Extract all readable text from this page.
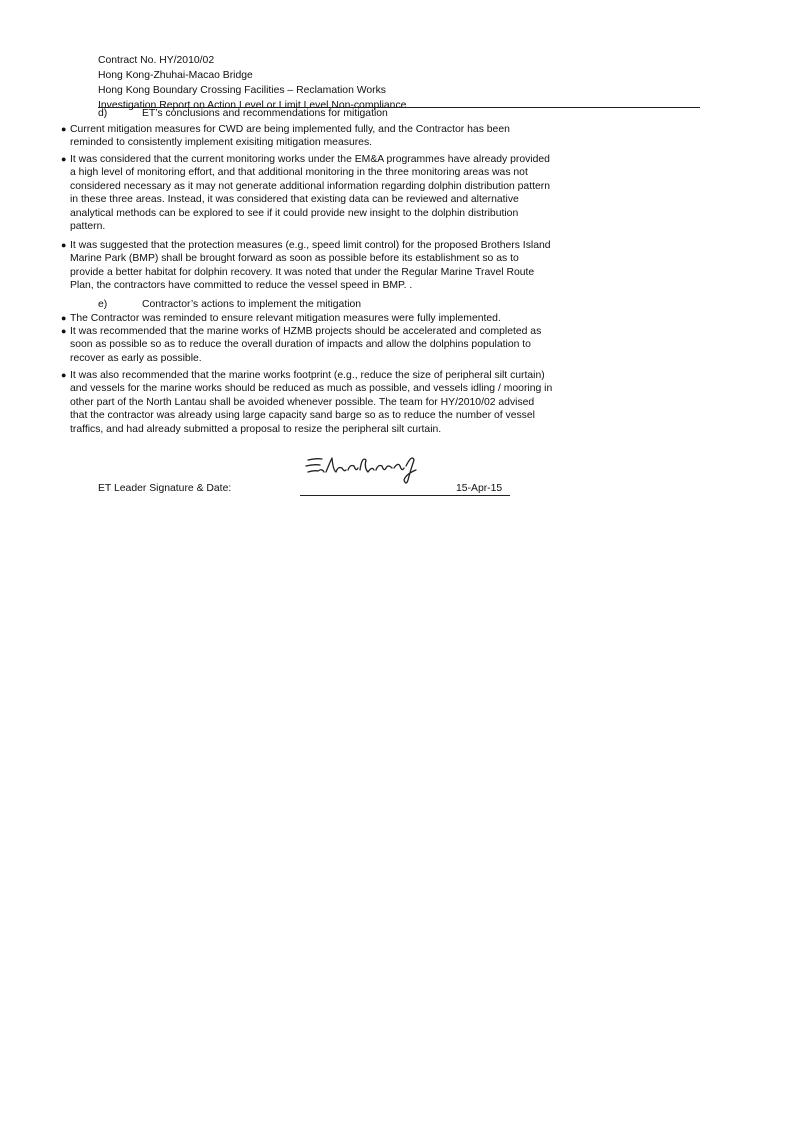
Contract No. HY/2010/02
Hong Kong-Zhuhai-Macao Bridge
Hong Kong Boundary Crossing Facilities – Reclamation Works
Investigation Report on Action Level or Limit Level Non-compliance
d)	ET’s conclusions and recommendations for mitigation
● Current mitigation measures for CWD are being implemented fully, and the Contractor has been
reminded to consistently implement exisiting mitigation measures.
● It was considered that the current monitoring works under the EM&A programmes have already provided
a high level of monitoring effort, and that additional monitoring in the three monitoring areas was not
considered necessary as it may not generate additional information regarding dolphin distribution pattern
in these three areas. Instead, it was considered that existing data can be reviewed and alternative
analytical methods can be explored to see if it could provide new insight to the dolphin distribution
pattern.
● It was suggested that the protection measures (e.g., speed limit control) for the proposed Brothers Island
Marine Park (BMP) shall be brought forward as soon as possible before its establishment so as to
provide a better habitat for dolphin recovery. It was noted that under the Regular Marine Travel Route
Plan, the contractors have committed to reduce the vessel speed in BMP. .
e)	Contractor’s actions to implement the mitigation
● The Contractor was reminded to ensure relevant mitigation measures were fully implemented.
● It was recommended that the marine works of HZMB projects should be accelerated and completed as
soon as possible so as to reduce the overall duration of impacts and allow the dolphins population to
recover as early as possible.
● It was also recommended that the marine works footprint (e.g., reduce the size of peripheral silt curtain)
and vessels for the marine works should be reduced as much as possible, and vessels idling / mooring in
other part of the North Lantau shall be avoided whenever possible. The team for HY/2010/02 advised
that the contractor was already using large capacity sand barge so as to reduce the number of vessel
traffics, and had already submitted a proposal to resize the peripheral silt curtain.
ET Leader Signature & Date:	15-Apr-15
